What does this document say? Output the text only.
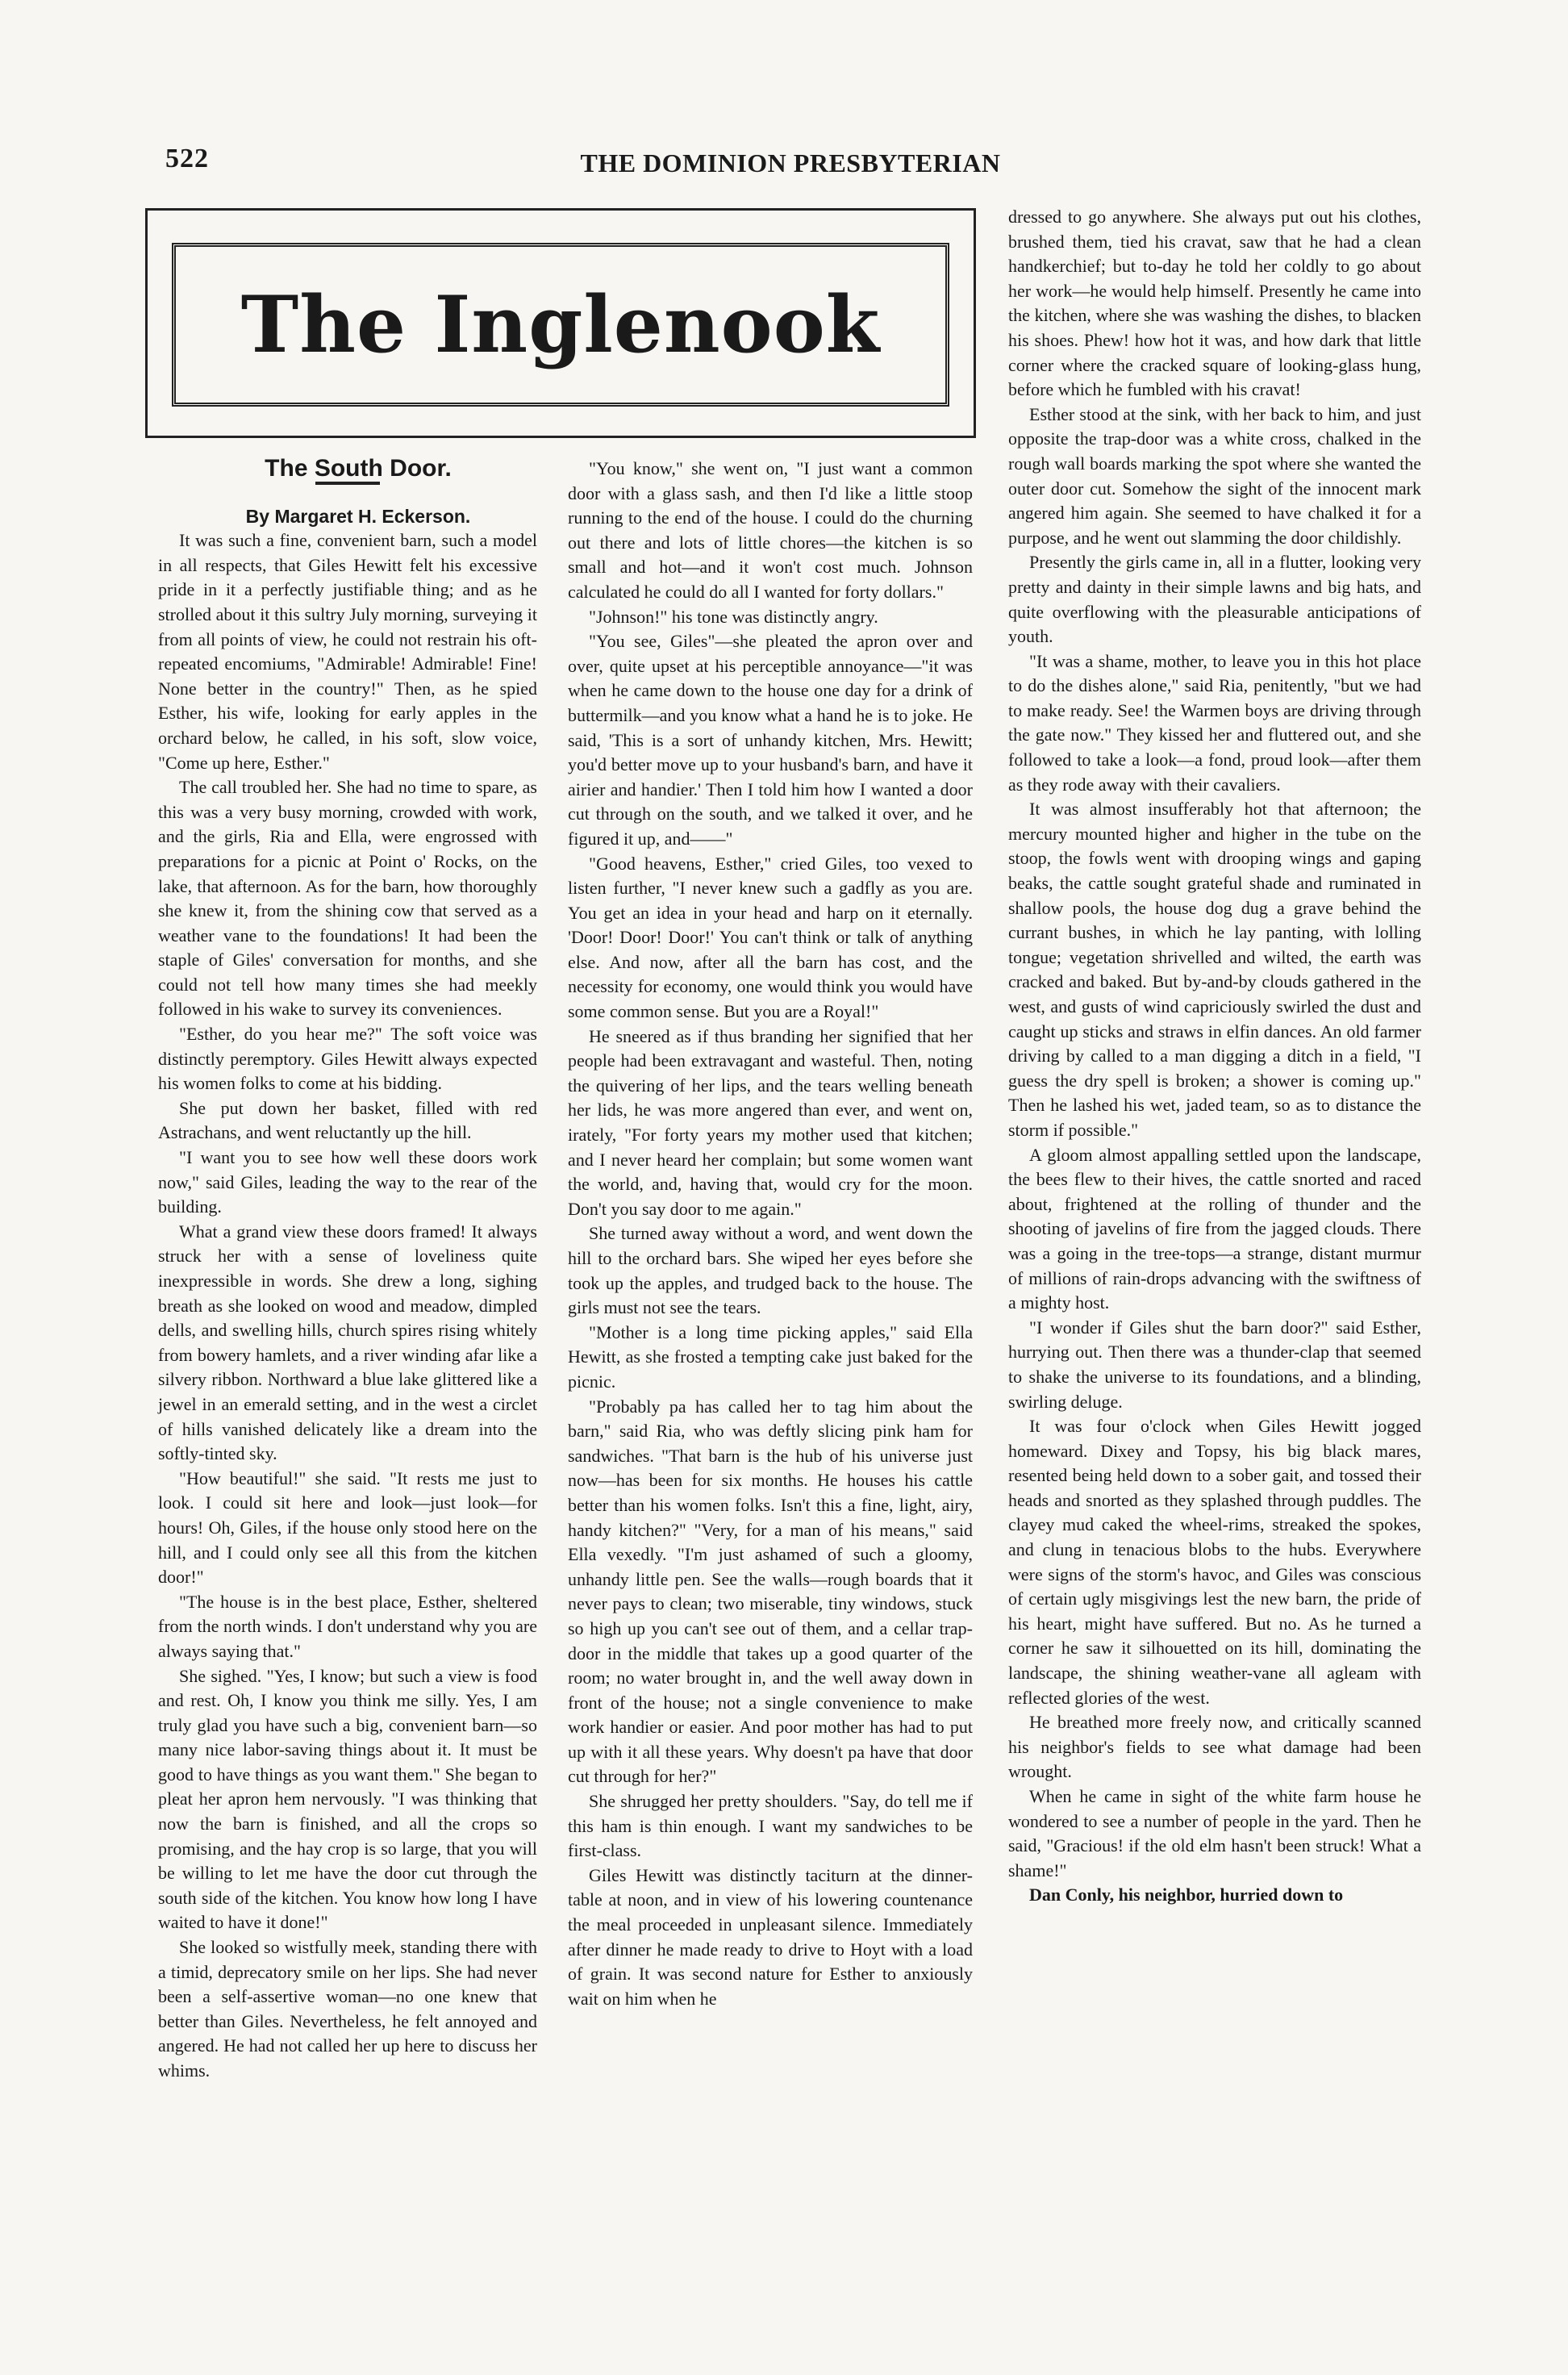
522	THE DOMINION PRESBYTERIAN
The Inglenook

The South Door.

By Margaret H. Eckerson.

It was such a fine, convenient barn, such a model in all respects, that Giles Hewitt felt his excessive pride in it a perfectly justifiable thing; and as he strolled about it this sultry July morning, surveying it from all points of view, he could not restrain his oft-repeated encomiums, "Admirable! Admirable! Fine! None better in the country!" Then, as he spied Esther, his wife, looking for early apples in the orchard below, he called, in his soft, slow voice, "Come up here, Esther."

The call troubled her. She had no time to spare, as this was a very busy morning, crowded with work, and the girls, Ria and Ella, were engrossed with preparations for a picnic at Point o' Rocks, on the lake, that afternoon. As for the barn, how thoroughly she knew it, from the shining cow that served as a weather vane to the foundations! It had been the staple of Giles' conversation for months, and she could not tell how many times she had meekly followed in his wake to survey its conveniences.

"Esther, do you hear me?" The soft voice was distinctly peremptory. Giles Hewitt always expected his women folks to come at his bidding.

She put down her basket, filled with red Astrachans, and went reluctantly up the hill.

"I want you to see how well these doors work now," said Giles, leading the way to the rear of the building.

What a grand view these doors framed! It always struck her with a sense of loveliness quite inexpressible in words. She drew a long, sighing breath as she looked on wood and meadow, dimpled dells, and swelling hills, church spires rising whitely from bowery hamlets, and a river winding afar like a silvery ribbon. Northward a blue lake glittered like a jewel in an emerald setting, and in the west a circlet of hills vanished delicately like a dream into the softly-tinted sky.

"How beautiful!" she said. "It rests me just to look. I could sit here and look—just look—for hours! Oh, Giles, if the house only stood here on the hill, and I could only see all this from the kitchen door!"

"The house is in the best place, Esther, sheltered from the north winds. I don't understand why you are always saying that."

She sighed. "Yes, I know; but such a view is food and rest. Oh, I know you think me silly. Yes, I am truly glad you have such a big, convenient barn—so many nice labor-saving things about it. It must be good to have things as you want them." She began to pleat her apron hem nervously. "I was thinking that now the barn is finished, and all the crops so promising, and the hay crop is so large, that you will be willing to let me have the door cut through the south side of the kitchen. You know how long I have waited to have it done!"

She looked so wistfully meek, standing there with a timid, deprecatory smile on her lips. She had never been a self-assertive woman—no one knew that better than Giles. Nevertheless, he felt annoyed and angered. He had not called her up here to discuss her whims.

"You know," she went on, "I just want a common door with a glass sash, and then I'd like a little stoop running to the end of the house. I could do the churning out there and lots of little chores—the kitchen is so small and hot—and it won't cost much. Johnson calculated he could do all I wanted for forty dollars."

"Johnson!" his tone was distinctly angry.

"You see, Giles"—she pleated the apron over and over, quite upset at his perceptible annoyance—"it was when he came down to the house one day for a drink of buttermilk—and you know what a hand he is to joke. He said, 'This is a sort of unhandy kitchen, Mrs. Hewitt; you'd better move up to your husband's barn, and have it airier and handier.' Then I told him how I wanted a door cut through on the south, and we talked it over, and he figured it up, and——"

"Good heavens, Esther," cried Giles, too vexed to listen further, "I never knew such a gadfly as you are. You get an idea in your head and harp on it eternally. 'Door! Door! Door!' You can't think or talk of anything else. And now, after all the barn has cost, and the necessity for economy, one would think you would have some common sense. But you are a Royal!"

He sneered as if thus branding her signified that her people had been extravagant and wasteful. Then, noting the quivering of her lips, and the tears welling beneath her lids, he was more angered than ever, and went on, irately, "For forty years my mother used that kitchen; and I never heard her complain; but some women want the world, and, having that, would cry for the moon. Don't you say door to me again."

She turned away without a word, and went down the hill to the orchard bars. She wiped her eyes before she took up the apples, and trudged back to the house. The girls must not see the tears.

"Mother is a long time picking apples," said Ella Hewitt, as she frosted a tempting cake just baked for the picnic.

"Probably pa has called her to tag him about the barn," said Ria, who was deftly slicing pink ham for sandwiches. "That barn is the hub of his universe just now—has been for six months. He houses his cattle better than his women folks. Isn't this a fine, light, airy, handy kitchen?" "Very, for a man of his means," said Ella vexedly. "I'm just ashamed of such a gloomy, unhandy little pen. See the walls—rough boards that it never pays to clean; two miserable, tiny windows, stuck so high up you can't see out of them, and a cellar trap-door in the middle that takes up a good quarter of the room; no water brought in, and the well away down in front of the house; not a single convenience to make work handier or easier. And poor mother has had to put up with it all these years. Why doesn't pa have that door cut through for her?"

She shrugged her pretty shoulders. "Say, do tell me if this ham is thin enough. I want my sandwiches to be first-class.

Giles Hewitt was distinctly taciturn at the dinner-table at noon, and in view of his lowering countenance the meal proceeded in unpleasant silence. Immediately after dinner he made ready to drive to Hoyt with a load of grain. It was second nature for Esther to anxiously wait on him when he

dressed to go anywhere. She always put out his clothes, brushed them, tied his cravat, saw that he had a clean handkerchief; but to-day he told her coldly to go about her work—he would help himself. Presently he came into the kitchen, where she was washing the dishes, to blacken his shoes. Phew! how hot it was, and how dark that little corner where the cracked square of looking-glass hung, before which he fumbled with his cravat!

Esther stood at the sink, with her back to him, and just opposite the trap-door was a white cross, chalked in the rough wall boards marking the spot where she wanted the outer door cut. Somehow the sight of the innocent mark angered him again. She seemed to have chalked it for a purpose, and he went out slamming the door childishly.

Presently the girls came in, all in a flutter, looking very pretty and dainty in their simple lawns and big hats, and quite overflowing with the pleasurable anticipations of youth.

"It was a shame, mother, to leave you in this hot place to do the dishes alone," said Ria, penitently, "but we had to make ready. See! the Warmen boys are driving through the gate now." They kissed her and fluttered out, and she followed to take a look—a fond, proud look—after them as they rode away with their cavaliers.

It was almost insufferably hot that afternoon; the mercury mounted higher and higher in the tube on the stoop, the fowls went with drooping wings and gaping beaks, the cattle sought grateful shade and ruminated in shallow pools, the house dog dug a grave behind the currant bushes, in which he lay panting, with lolling tongue; vegetation shrivelled and wilted, the earth was cracked and baked. But by-and-by clouds gathered in the west, and gusts of wind capriciously swirled the dust and caught up sticks and straws in elfin dances. An old farmer driving by called to a man digging a ditch in a field, "I guess the dry spell is broken; a shower is coming up." Then he lashed his wet, jaded team, so as to distance the storm if possible."

A gloom almost appalling settled upon the landscape, the bees flew to their hives, the cattle snorted and raced about, frightened at the rolling of thunder and the shooting of javelins of fire from the jagged clouds. There was a going in the tree-tops—a strange, distant murmur of millions of rain-drops advancing with the swiftness of a mighty host.

"I wonder if Giles shut the barn door?" said Esther, hurrying out. Then there was a thunder-clap that seemed to shake the universe to its foundations, and a blinding, swirling deluge.

It was four o'clock when Giles Hewitt jogged homeward. Dixey and Topsy, his big black mares, resented being held down to a sober gait, and tossed their heads and snorted as they splashed through puddles. The clayey mud caked the wheel-rims, streaked the spokes, and clung in tenacious blobs to the hubs. Everywhere were signs of the storm's havoc, and Giles was conscious of certain ugly misgivings lest the new barn, the pride of his heart, might have suffered. But no. As he turned a corner he saw it silhouetted on its hill, dominating the landscape, the shining weather-vane all agleam with reflected glories of the west.

He breathed more freely now, and critically scanned his neighbor's fields to see what damage had been wrought.

When he came in sight of the white farm house he wondered to see a number of people in the yard. Then he said, "Gracious! if the old elm hasn't been struck! What a shame!"

Dan Conly, his neighbor, hurried down to
